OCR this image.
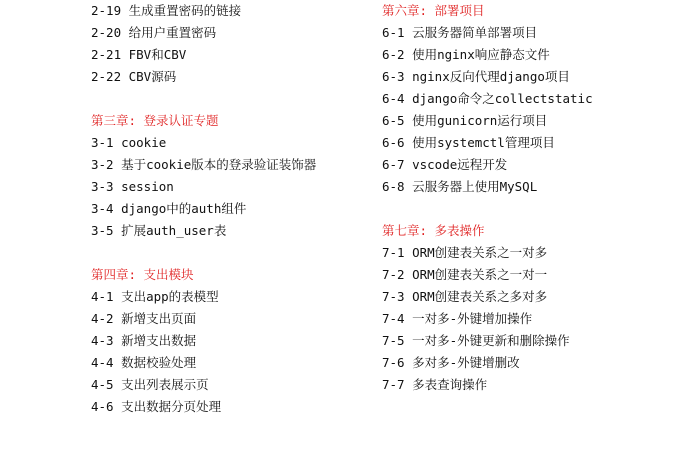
2-19 生成重置密码的链接
2-20 给用户重置密码
2-21 FBV和CBV
2-22 CBV源码
第三章: 登录认证专题
3-1 cookie
3-2 基于cookie版本的登录验证装饰器
3-3 session
3-4 django中的auth组件
3-5 扩展auth_user表
第四章: 支出模块
4-1 支出app的表模型
4-2 新增支出页面
4-3 新增支出数据
4-4 数据校验处理
4-5 支出列表展示页
4-6 支出数据分页处理
第六章: 部署项目
6-1 云服务器简单部署项目
6-2 使用nginx响应静态文件
6-3 nginx反向代理django项目
6-4 django命令之collectstatic
6-5 使用gunicorn运行项目
6-6 使用systemctl管理项目
6-7 vscode远程开发
6-8 云服务器上使用MySQL
第七章: 多表操作
7-1 ORM创建表关系之一对多
7-2 ORM创建表关系之一对一
7-3 ORM创建表关系之多对多
7-4 一对多-外键增加操作
7-5 一对多-外键更新和删除操作
7-6 多对多-外键增删改
7-7 多表查询操作
